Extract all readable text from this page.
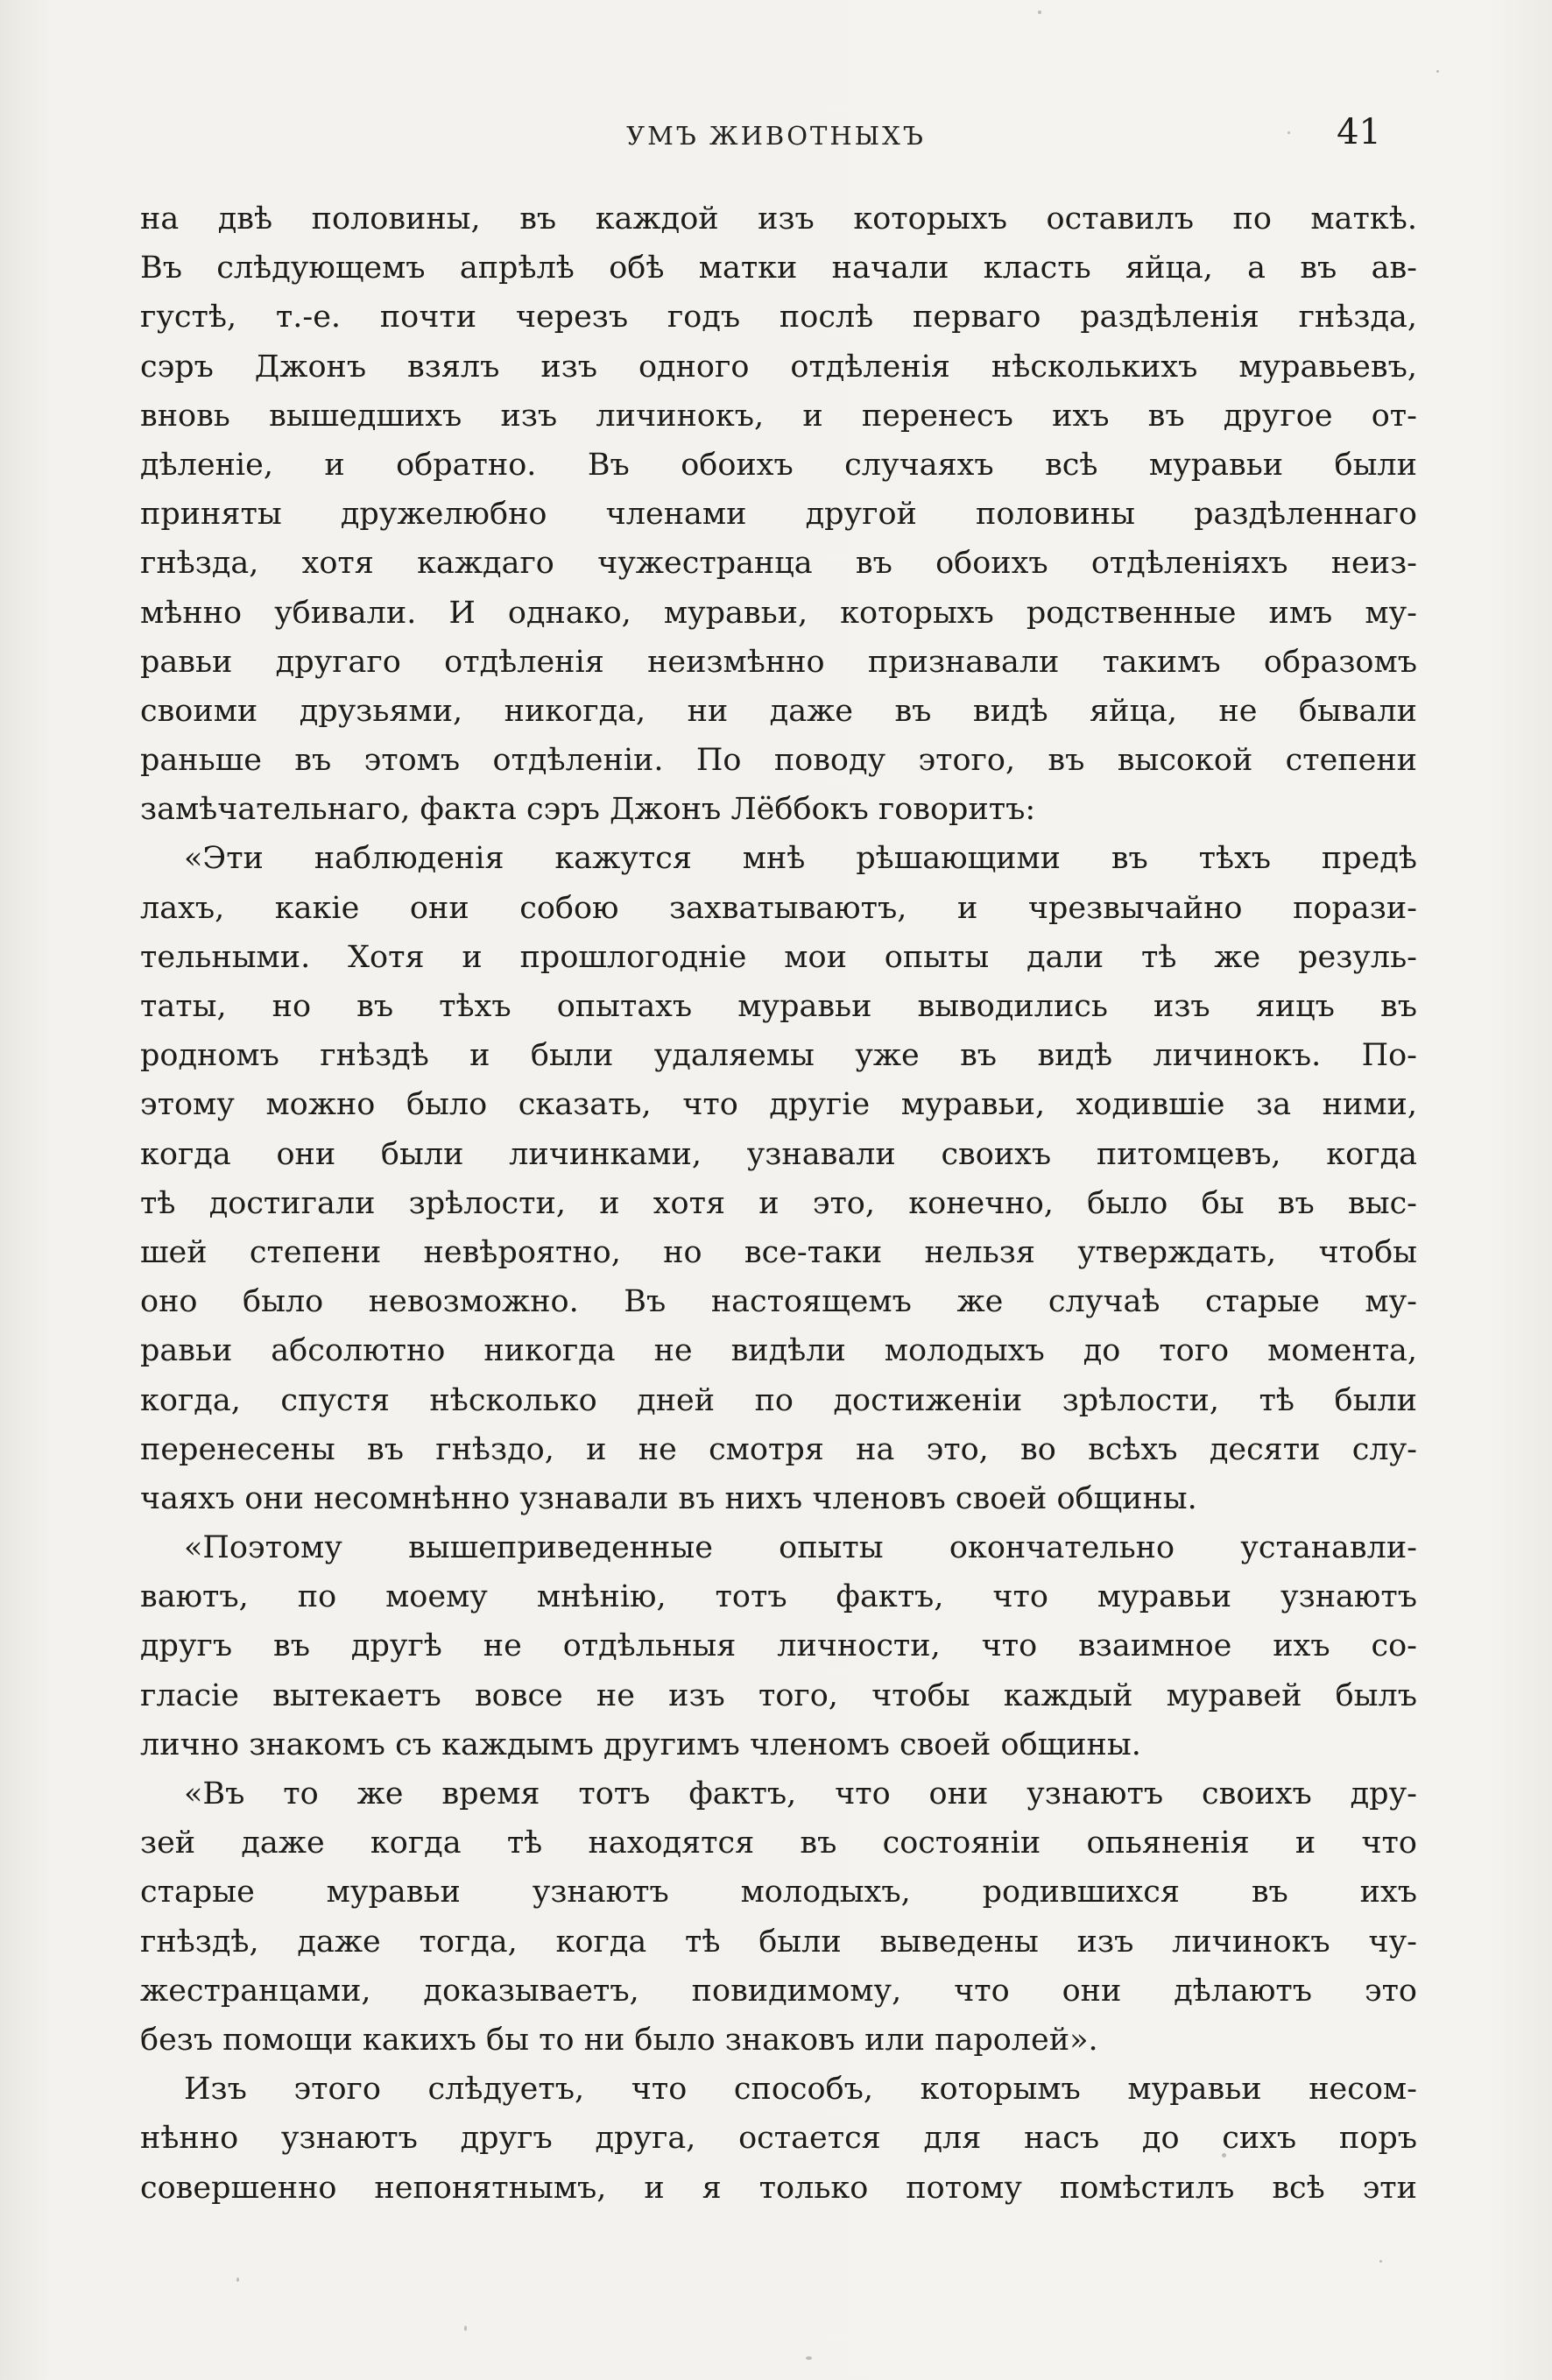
УМЪ ЖИВОТНЫХЪ	41
на двѣ половины, въ каждой изъ которыхъ оставилъ по маткѣ.
Въ слѣдующемъ апрѣлѣ обѣ матки начали класть яйца, а въ ав-
густѣ, т.-е. почти черезъ годъ послѣ перваго раздѣленія гнѣзда,
сэръ Джонъ взялъ изъ одного отдѣленія нѣсколькихъ муравьевъ,
вновь вышедшихъ изъ личинокъ, и перенесъ ихъ въ другое от-
дѣленіе, и обратно. Въ обоихъ случаяхъ всѣ муравьи были
приняты дружелюбно членами другой половины раздѣленнаго
гнѣзда, хотя каждаго чужестранца въ обоихъ отдѣленіяхъ неиз-
мѣнно убивали. И однако, муравьи, которыхъ родственные имъ му-
равьи другаго отдѣленія неизмѣнно признавали такимъ образомъ
своими друзьями, никогда, ни даже въ видѣ яйца, не бывали
раньше въ этомъ отдѣленіи. По поводу этого, въ высокой степени
замѣчательнаго, факта сэръ Джонъ Лёббокъ говоритъ:
«Эти наблюденія кажутся мнѣ рѣшающими въ тѣхъ предѣ
лахъ, какіе они собою захватываютъ, и чрезвычайно порази-
тельными. Хотя и прошлогодніе мои опыты дали тѣ же резуль-
таты, но въ тѣхъ опытахъ муравьи выводились изъ яицъ въ
родномъ гнѣздѣ и были удаляемы уже въ видѣ личинокъ. По-
этому можно было сказать, что другіе муравьи, ходившіе за ними,
когда они были личинками, узнавали своихъ питомцевъ, когда
тѣ достигали зрѣлости, и хотя и это, конечно, было бы въ выс-
шей степени невѣроятно, но все-таки нельзя утверждать, чтобы
оно было невозможно. Въ настоящемъ же случаѣ старые му-
равьи абсолютно никогда не видѣли молодыхъ до того момента,
когда, спустя нѣсколько дней по достиженіи зрѣлости, тѣ были
перенесены въ гнѣздо, и не смотря на это, во всѣхъ десяти слу-
чаяхъ они несомнѣнно узнавали въ нихъ членовъ своей общины.
«Поэтому вышеприведенные опыты окончательно устанавли-
ваютъ, по моему мнѣнію, тотъ фактъ, что муравьи узнаютъ
другъ въ другѣ не отдѣльныя личности, что взаимное ихъ со-
гласіе вытекаетъ вовсе не изъ того, чтобы каждый муравей былъ
лично знакомъ съ каждымъ другимъ членомъ своей общины.
«Въ то же время тотъ фактъ, что они узнаютъ своихъ дру-
зей даже когда тѣ находятся въ состояніи опьяненія и что
старые муравьи узнаютъ молодыхъ, родившихся въ ихъ
гнѣздѣ, даже тогда, когда тѣ были выведены изъ личинокъ чу-
жестранцами, доказываетъ, повидимому, что они дѣлаютъ это
безъ помощи какихъ бы то ни было знаковъ или паролей».
Изъ этого слѣдуетъ, что способъ, которымъ муравьи несом-
нѣнно узнаютъ другъ друга, остается для насъ до сихъ поръ
совершенно непонятнымъ, и я только потому помѣстилъ всѣ эти
